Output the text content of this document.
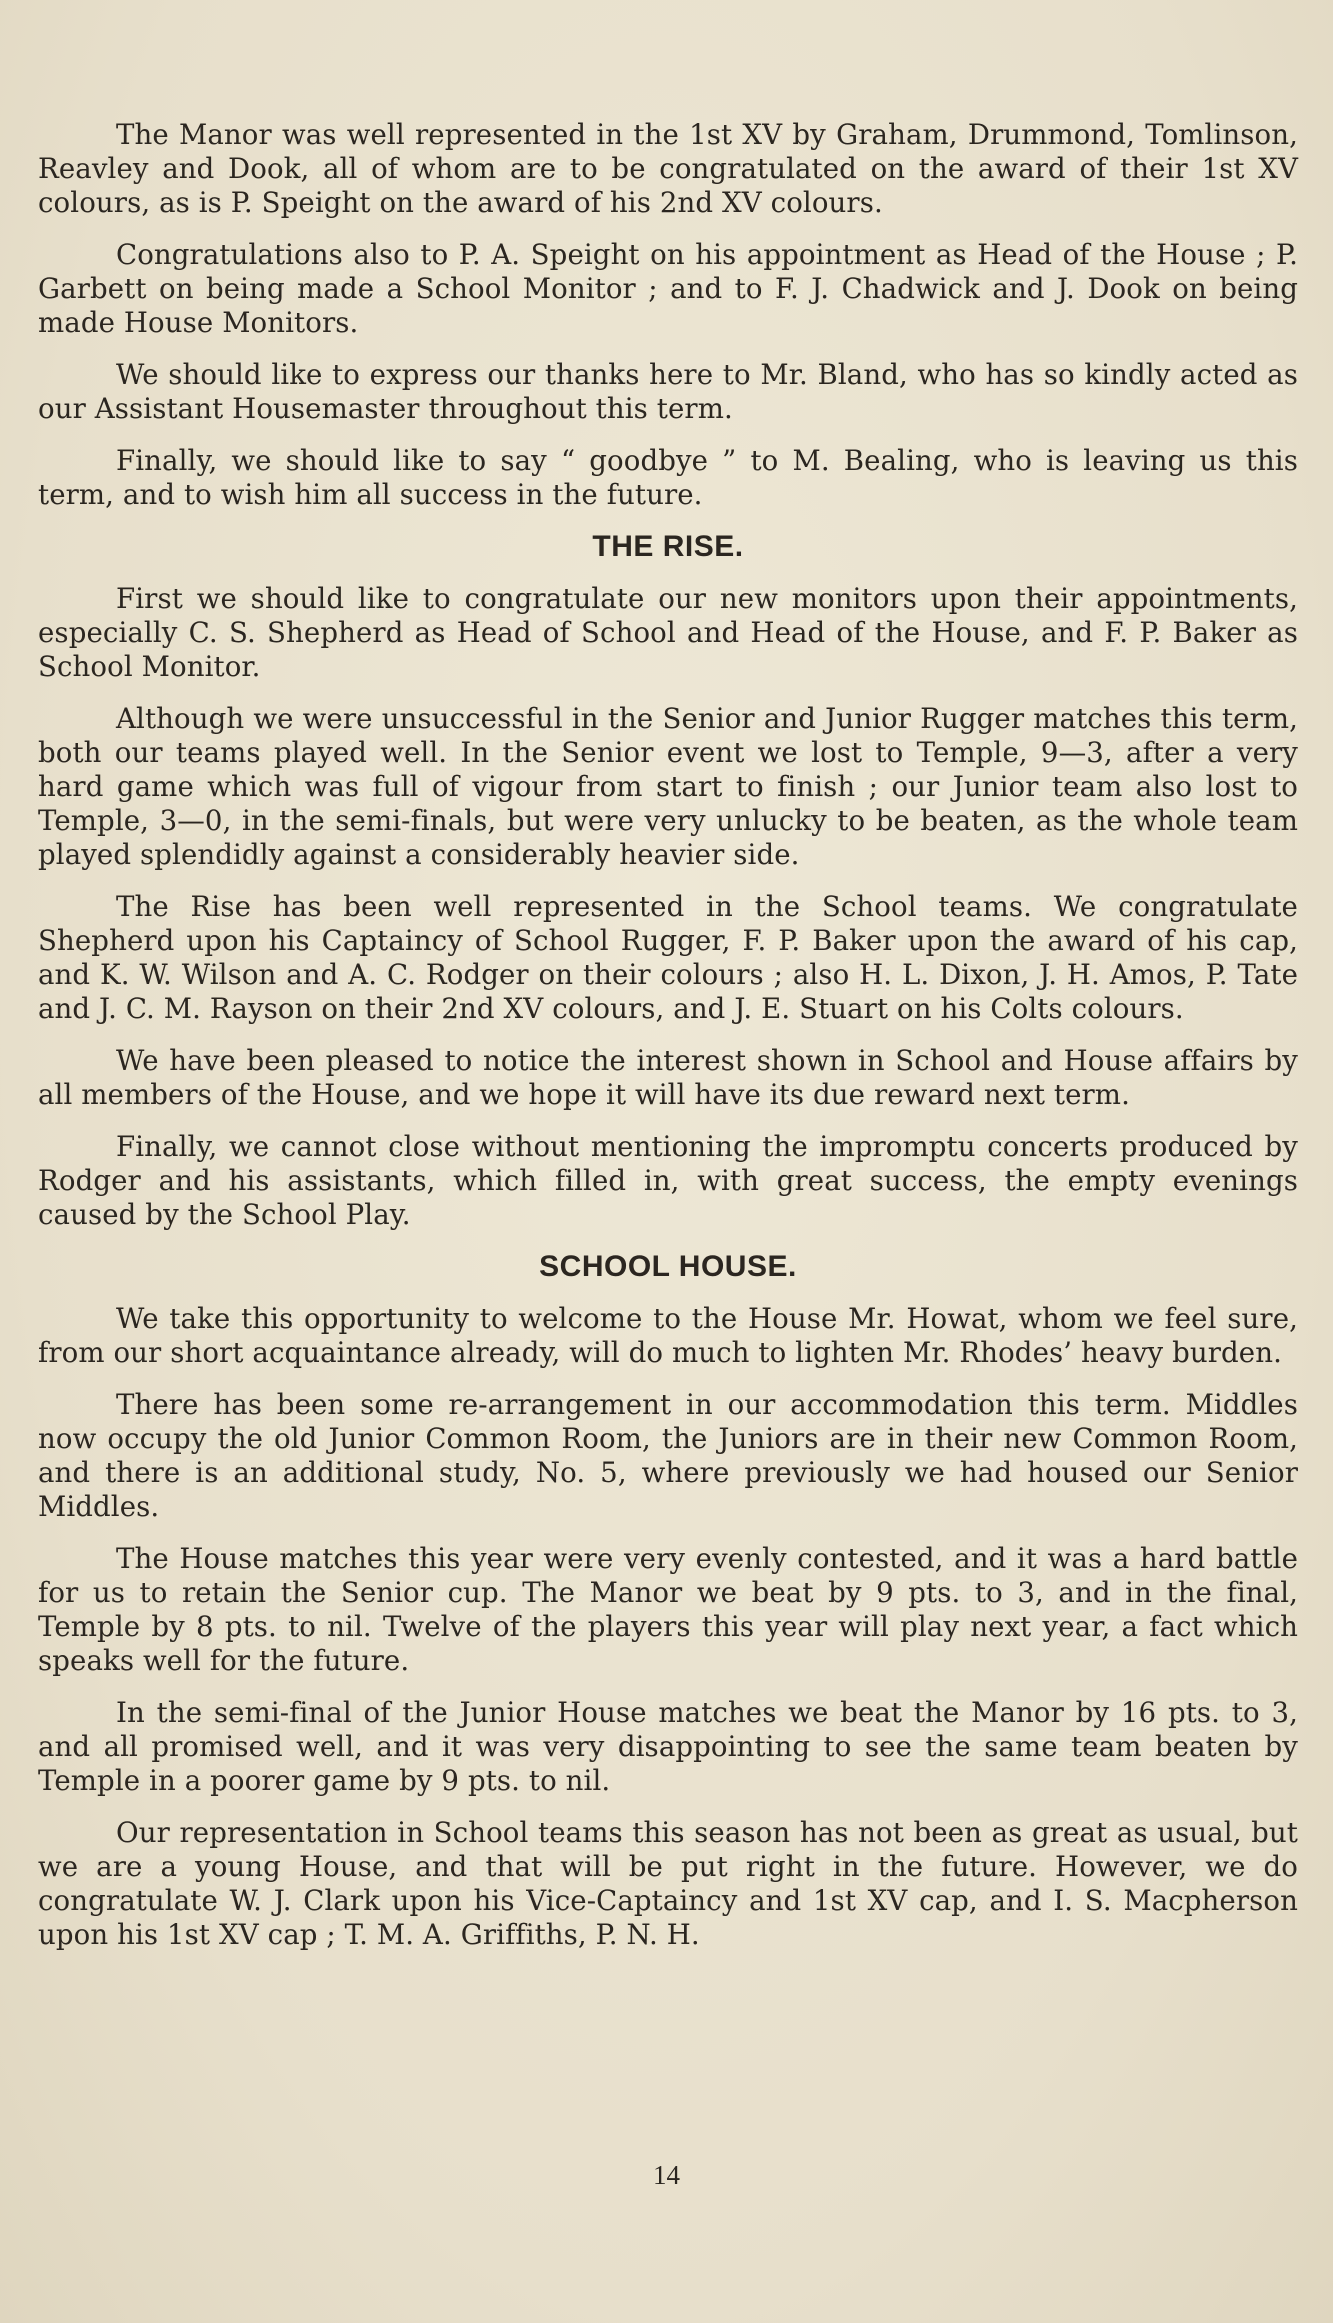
The Manor was well represented in the 1st XV by Graham, Drummond, Tomlinson, Reavley and Dook, all of whom are to be congratulated on the award of their 1st XV colours, as is P. Speight on the award of his 2nd XV colours.

Congratulations also to P. A. Speight on his appointment as Head of the House ; P. Garbett on being made a School Monitor ; and to F. J. Chadwick and J. Dook on being made House Monitors.

We should like to express our thanks here to Mr. Bland, who has so kindly acted as our Assistant Housemaster throughout this term.

Finally, we should like to say “ goodbye ” to M. Bealing, who is leaving us this term, and to wish him all success in the future.

THE RISE.

First we should like to congratulate our new monitors upon their appointments, especially C. S. Shepherd as Head of School and Head of the House, and F. P. Baker as School Monitor.

Although we were unsuccessful in the Senior and Junior Rugger matches this term, both our teams played well. In the Senior event we lost to Temple, 9—3, after a very hard game which was full of vigour from start to finish ; our Junior team also lost to Temple, 3—0, in the semi-finals, but were very unlucky to be beaten, as the whole team played splendidly against a considerably heavier side.

The Rise has been well represented in the School teams. We congratulate Shepherd upon his Captaincy of School Rugger, F. P. Baker upon the award of his cap, and K. W. Wilson and A. C. Rodger on their colours ; also H. L. Dixon, J. H. Amos, P. Tate and J. C. M. Rayson on their 2nd XV colours, and J. E. Stuart on his Colts colours.

We have been pleased to notice the interest shown in School and House affairs by all members of the House, and we hope it will have its due reward next term.

Finally, we cannot close without mentioning the impromptu concerts produced by Rodger and his assistants, which filled in, with great success, the empty evenings caused by the School Play.

SCHOOL HOUSE.

We take this opportunity to welcome to the House Mr. Howat, whom we feel sure, from our short acquaintance already, will do much to lighten Mr. Rhodes’ heavy burden.

There has been some re-arrangement in our accommodation this term. Middles now occupy the old Junior Common Room, the Juniors are in their new Common Room, and there is an additional study, No. 5, where previously we had housed our Senior Middles.

The House matches this year were very evenly contested, and it was a hard battle for us to retain the Senior cup. The Manor we beat by 9 pts. to 3, and in the final, Temple by 8 pts. to nil. Twelve of the players this year will play next year, a fact which speaks well for the future.

In the semi-final of the Junior House matches we beat the Manor by 16 pts. to 3, and all promised well, and it was very disappointing to see the same team beaten by Temple in a poorer game by 9 pts. to nil.

Our representation in School teams this season has not been as great as usual, but we are a young House, and that will be put right in the future. However, we do congratulate W. J. Clark upon his Vice-Captaincy and 1st XV cap, and I. S. Macpherson upon his 1st XV cap ; T. M. A. Griffiths, P. N. H.

14
